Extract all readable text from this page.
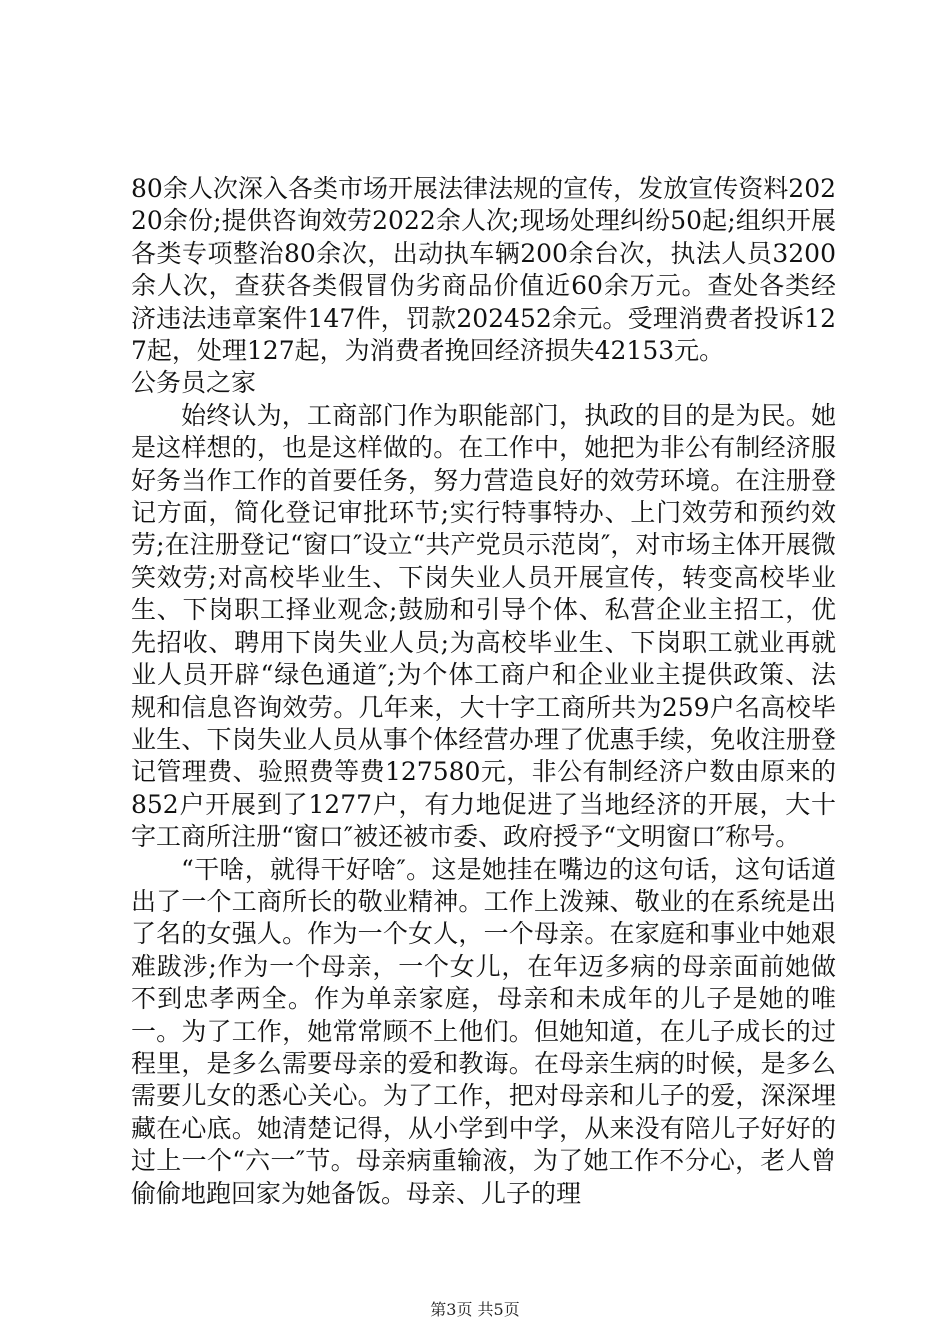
80余人次深入各类市场开展法律法规的宣传，发放宣传资料20220余份;提供咨询效劳2022余人次;现场处理纠纷50起;组织开展各类专项整治80余次，出动执车辆200余台次，执法人员3200余人次，查获各类假冒伪劣商品价值近60余万元。查处各类经济违法违章案件147件，罚款202452余元。受理消费者投诉127起，处理127起，为消费者挽回经济损失42153元。

公务员之家

始终认为，工商部门作为职能部门，执政的目的是为民。她是这样想的，也是这样做的。在工作中，她把为非公有制经济服好务当作工作的首要任务，努力营造良好的效劳环境。在注册登记方面，简化登记审批环节;实行特事特办、上门效劳和预约效劳;在注册登记“窗口″设立“共产党员示范岗″，对市场主体开展微笑效劳;对高校毕业生、下岗失业人员开展宣传，转变高校毕业生、下岗职工择业观念;鼓励和引导个体、私营企业主招工，优先招收、聘用下岗失业人员;为高校毕业生、下岗职工就业再就业人员开辟“绿色通道″;为个体工商户和企业业主提供政策、法规和信息咨询效劳。几年来，大十字工商所共为259户名高校毕业生、下岗失业人员从事个体经营办理了优惠手续，免收注册登记管理费、验照费等费127580元，非公有制经济户数由原来的852户开展到了1277户，有力地促进了当地经济的开展，大十字工商所注册“窗口″被还被市委、政府授予“文明窗口″称号。

“干啥，就得干好啥″。这是她挂在嘴边的这句话，这句话道出了一个工商所长的敬业精神。工作上泼辣、敬业的在系统是出了名的女强人。作为一个女人，一个母亲。在家庭和事业中她艰难跋涉;作为一个母亲，一个女儿，在年迈多病的母亲面前她做不到忠孝两全。作为单亲家庭，母亲和未成年的儿子是她的唯一。为了工作，她常常顾不上他们。但她知道，在儿子成长的过程里，是多么需要母亲的爱和教诲。在母亲生病的时候，是多么需要儿女的悉心关心。为了工作，把对母亲和儿子的爱，深深埋藏在心底。她清楚记得，从小学到中学，从来没有陪儿子好好的过上一个“六一″节。母亲病重输液，为了她工作不分心，老人曾偷偷地跑回家为她备饭。母亲、儿子的理

第3页 共5页
